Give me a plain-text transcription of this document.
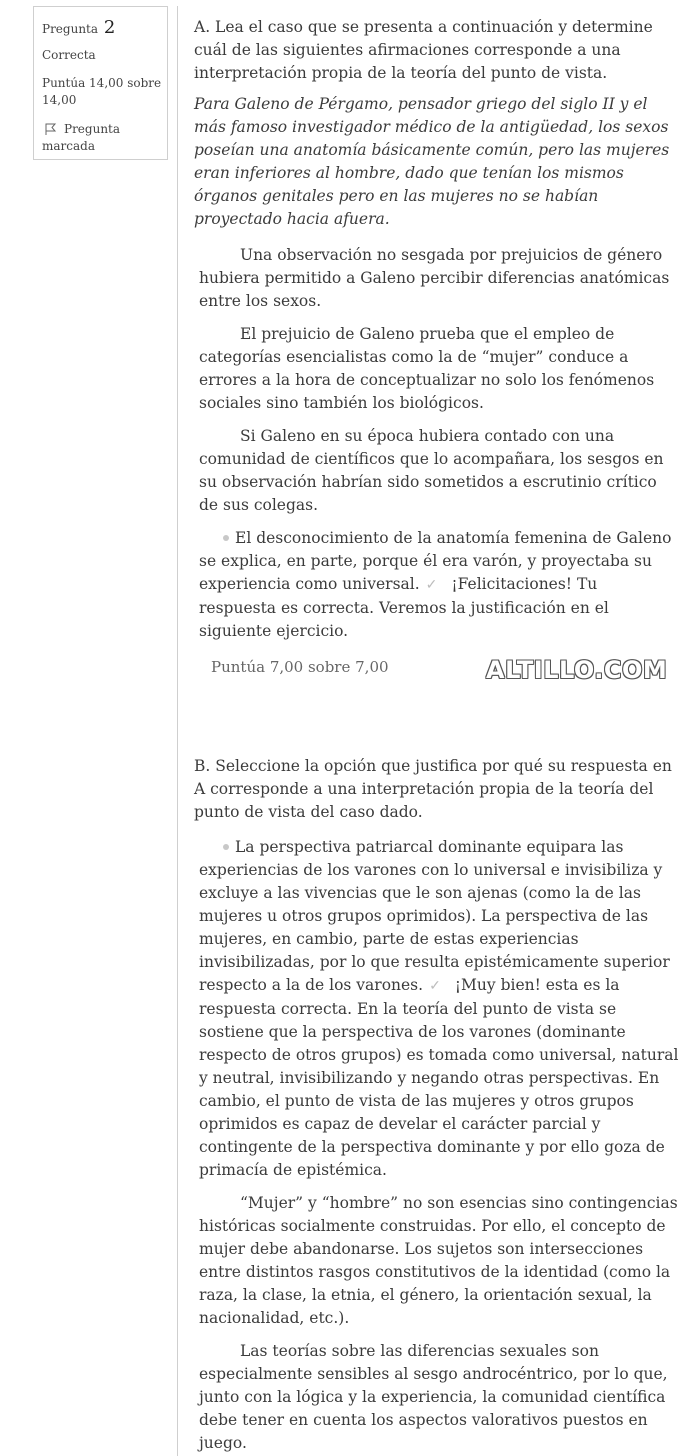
Pregunta 2
Correcta
Puntúa 14,00 sobre 14,00
Pregunta marcada

A. Lea el caso que se presenta a continuación y determine cuál de las siguientes afirmaciones corresponde a una interpretación propia de la teoría del punto de vista.

Para Galeno de Pérgamo, pensador griego del siglo II y el más famoso investigador médico de la antigüedad, los sexos poseían una anatomía básicamente común, pero las mujeres eran inferiores al hombre, dado que tenían los mismos órganos genitales pero en las mujeres no se habían proyectado hacia afuera.

Una observación no sesgada por prejuicios de género hubiera permitido a Galeno percibir diferencias anatómicas entre los sexos.

El prejuicio de Galeno prueba que el empleo de categorías esencialistas como la de “mujer” conduce a errores a la hora de conceptualizar no solo los fenómenos sociales sino también los biológicos.

Si Galeno en su época hubiera contado con una comunidad de científicos que lo acompañara, los sesgos en su observación habrían sido sometidos a escrutinio crítico de sus colegas.

El desconocimiento de la anatomía femenina de Galeno se explica, en parte, porque él era varón, y proyectaba su experiencia como universal. ✓ ¡Felicitaciones! Tu respuesta es correcta. Veremos la justificación en el siguiente ejercicio.

B. Seleccione la opción que justifica por qué su respuesta en A corresponde a una interpretación propia de la teoría del punto de vista del caso dado.

La perspectiva patriarcal dominante equipara las experiencias de los varones con lo universal e invisibiliza y excluye a las vivencias que le son ajenas (como la de las mujeres u otros grupos oprimidos). La perspectiva de las mujeres, en cambio, parte de estas experiencias invisibilizadas, por lo que resulta epistémicamente superior respecto a la de los varones. ✓ ¡Muy bien! esta es la respuesta correcta. En la teoría del punto de vista se sostiene que la perspectiva de los varones (dominante respecto de otros grupos) es tomada como universal, natural y neutral, invisibilizando y negando otras perspectivas. En cambio, el punto de vista de las mujeres y otros grupos oprimidos es capaz de develar el carácter parcial y contingente de la perspectiva dominante y por ello goza de primacía de epistémica.

“Mujer” y “hombre” no son esencias sino contingencias históricas socialmente construidas. Por ello, el concepto de mujer debe abandonarse. Los sujetos son intersecciones entre distintos rasgos constitutivos de la identidad (como la raza, la clase, la etnia, el género, la orientación sexual, la nacionalidad, etc.).

Las teorías sobre las diferencias sexuales son especialmente sensibles al sesgo androcéntrico, por lo que, junto con la lógica y la experiencia, la comunidad científica debe tener en cuenta los aspectos valorativos puestos en juego.

Puntúa 7,00 sobre 7,00	ALTILLO.COM
